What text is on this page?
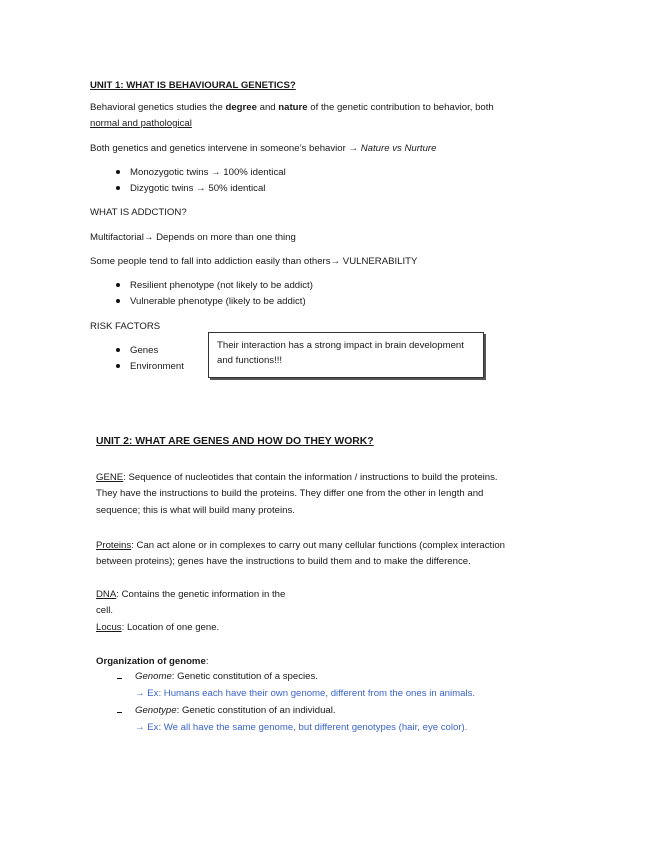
UNIT 1: WHAT IS BEHAVIOURAL GENETICS?
Behavioral genetics studies the degree and nature of the genetic contribution to behavior, both
normal and pathological
Both genetics and genetics intervene in someone’s behavior → Nature vs Nurture
Monozygotic twins → 100% identical
Dizygotic twins → 50% identical
WHAT IS ADDCTION?
Multifactorial→ Depends on more than one thing
Some people tend to fall into addiction easily than others→ VULNERABILITY
Resilient phenotype (not likely to be addict)
Vulnerable phenotype (likely to be addict)
RISK FACTORS
Genes
Environment
Their interaction has a strong impact in brain development and functions!!!
UNIT 2: WHAT ARE GENES AND HOW DO THEY WORK?
GENE: Sequence of nucleotides that contain the information / instructions to build the proteins.
They have the instructions to build the proteins. They differ one from the other in length and
sequence; this is what will build many proteins.
Proteins: Can act alone or in complexes to carry out many cellular functions (complex interaction
between proteins); genes have the instructions to build them and to make the difference.
DNA: Contains the genetic information in the
cell.
Locus: Location of one gene.
Organization of genome:
Genome: Genetic constitution of a species.
→ Ex: Humans each have their own genome, different from the ones in animals.
Genotype: Genetic constitution of an individual.
→ Ex: We all have the same genome, but different genotypes (hair, eye color).
